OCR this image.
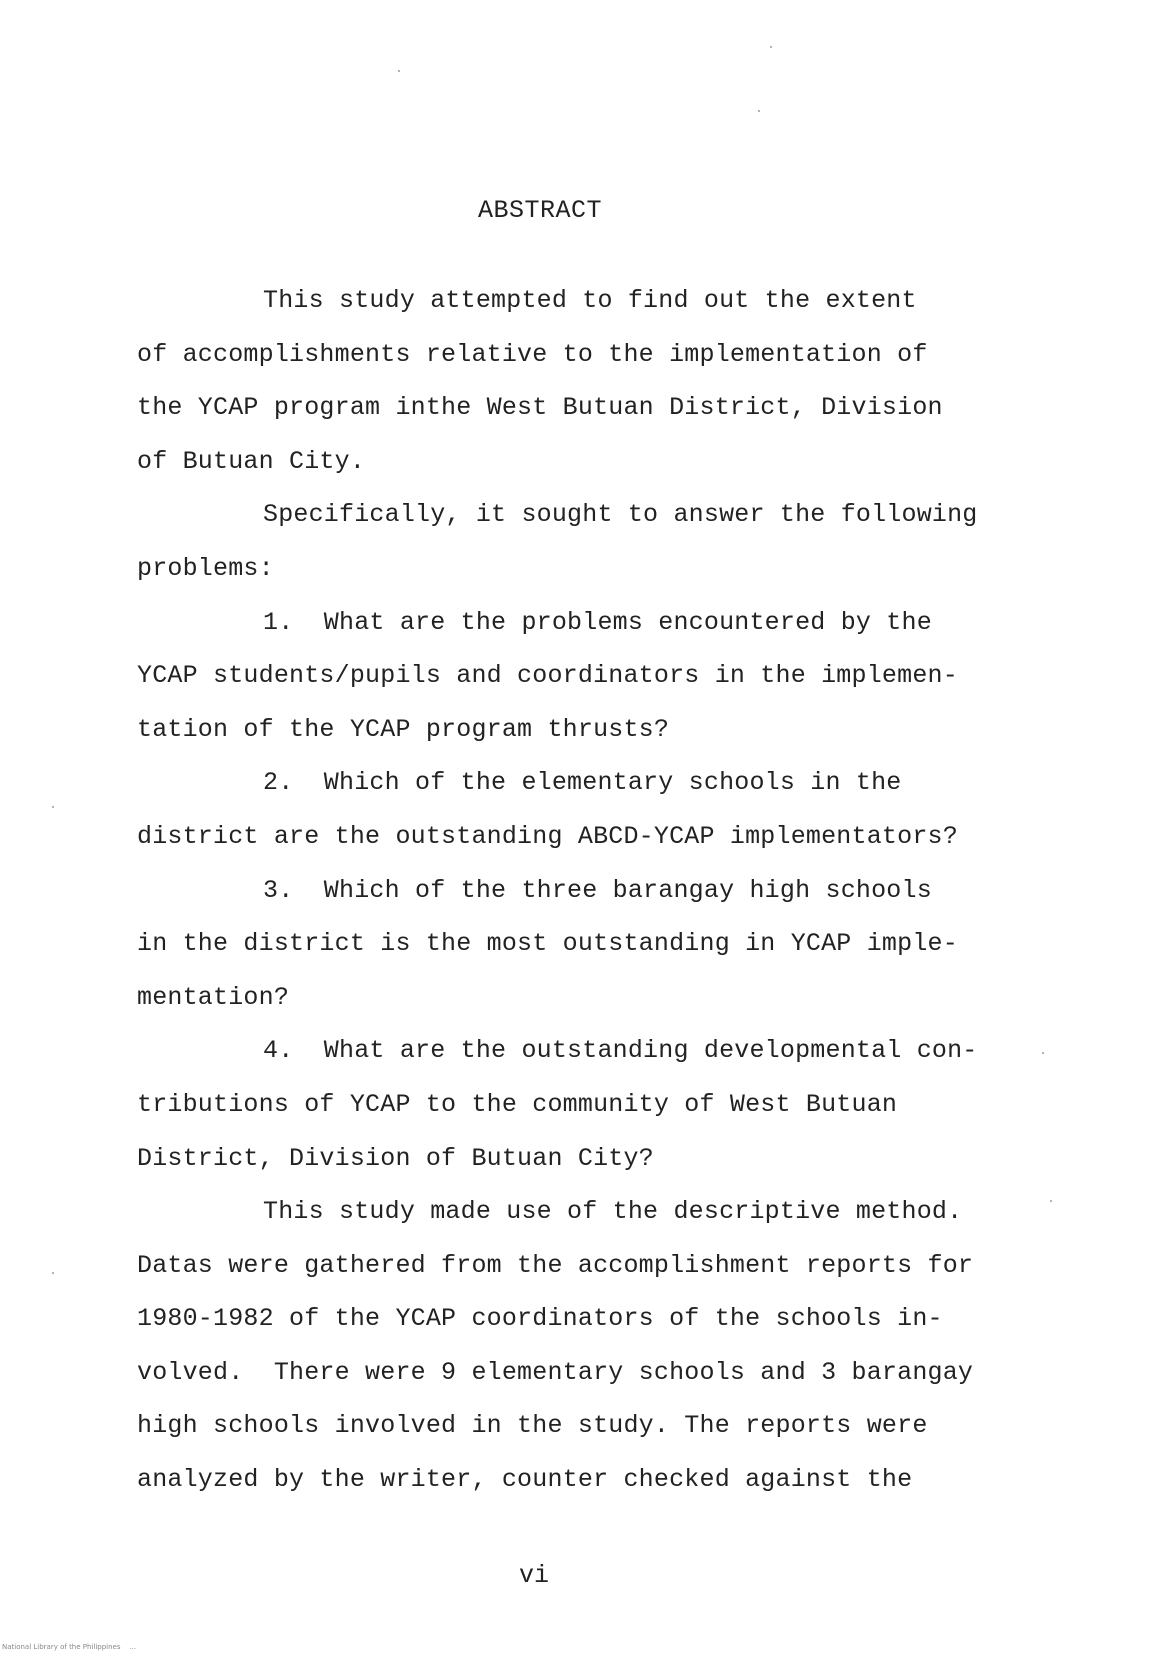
ABSTRACT
This study attempted to find out the extent
of accomplishments relative to the implementation of
the YCAP program inthe West Butuan District, Division
of Butuan City.
Specifically, it sought to answer the following
problems:
1.  What are the problems encountered by the
YCAP students/pupils and coordinators in the implemen-
tation of the YCAP program thrusts?
2.  Which of the elementary schools in the
district are the outstanding ABCD-YCAP implementators?
3.  Which of the three barangay high schools
in the district is the most outstanding in YCAP imple-
mentation?
4.  What are the outstanding developmental con-
tributions of YCAP to the community of West Butuan
District, Division of Butuan City?
This study made use of the descriptive method.
Datas were gathered from the accomplishment reports for
1980-1982 of the YCAP coordinators of the schools in-
volved.  There were 9 elementary schools and 3 barangay
high schools involved in the study. The reports were
analyzed by the writer, counter checked against the
vi
National Library of the Philippines    ...
